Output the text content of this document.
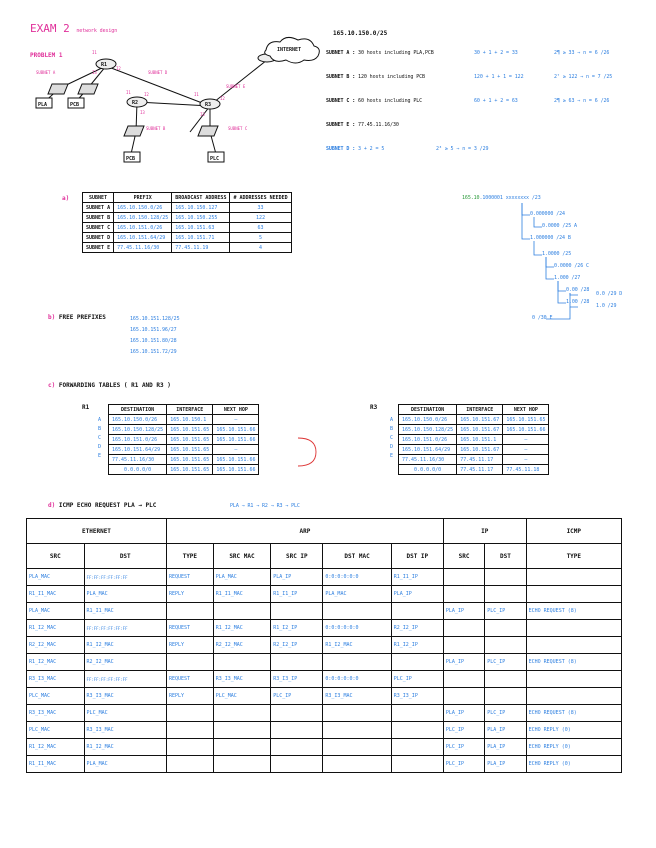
EXAM 2 network design
PROBLEM 1
R1
R2	R3
INTERNET
PLA	PCB
PCB	PLC
SUBNET A	SUBNET D
SUBNET E
SUBNET B	SUBNET C
I1
I2
I3
I1	I2
I3
I1
I2
I3
165.10.150.0/25
SUBNET A : 30 hosts including PLA,PCB	30 + 1 + 2 = 33	2¶ ≥ 33 ⇒ n = 6 /26
SUBNET B : 120 hosts including PCB	120 + 1 + 1 = 122	2⁷ ≥ 122 ⇒ n = 7 /25
SUBNET C : 60 hosts including PLC	60 + 1 + 2 = 63	2¶ ≥ 63 ⇒ n = 6 /26
SUBNET E : 77.45.11.16/30
SUBNET D : 3 + 2 = 5	2³ ≥ 5 ⇒ n = 3 /29
a)	SUBNET	PREFIX	BROADCAST ADDRESS	# ADDRESSES NEEDED
SUBNET A	165.10.150.0/26	165.10.150.127	33
SUBNET B	165.10.150.128/25	165.10.150.255	122
SUBNET C	165.10.151.0/26	165.10.151.63	63
SUBNET D	165.10.151.64/29	165.10.151.71	5
SUBNET E	77.45.11.16/30	77.45.11.19	4
165.10.1000001 xxxxxxxx /23
0.000000 /24
1.000000 /24 B
0.0000 /25 A
1.0000 /25
0.0000 /26 C
1.000 /27
0.00 /28
1.00 /28
0.0 /29 D
1.0 /29
0 /30 E
b) FREE PREFIXES	165.10.151.128/25
165.10.151.96/27
165.10.151.80/28
165.10.151.72/29
c) FORWARDING TABLES ( R1 AND R3 )
R1
A
B
C
D
E
DESTINATION	INTERFACE	NEXT HOP
165.10.150.0/26	165.10.150.1	—
165.10.150.128/25	165.10.151.65	165.10.151.66
165.10.151.0/26	165.10.151.65	165.10.151.66
165.10.151.64/29	165.10.151.65	—
77.45.11.16/30	165.10.151.65	165.10.151.66
0.0.0.0/0	165.10.151.65	165.10.151.66
R3
A
B
C
D
E
DESTINATION	INTERFACE	NEXT HOP
165.10.150.0/26	165.10.151.67	165.10.151.65
165.10.150.128/25	165.10.151.67	165.10.151.66
165.10.151.0/26	165.10.151.1	—
165.10.151.64/29	165.10.151.67	—
77.45.11.16/30	77.45.11.17	—
0.0.0.0/0	77.45.11.17	77.45.11.18
d) ICMP ECHO REQUEST PLA → PLC	PLA → R1 → R2 → R3 → PLC
ETHERNET		ARP					IP		ICMP
SRC	DST	TYPE	SRC MAC	SRC IP	DST MAC	DST IP	SRC	DST	TYPE
PLA_MAC	FF:FF:FF:FF:FF:FF	REQUEST	PLA_MAC	PLA_IP	0:0:0:0:0:0	R1_I1_IP			
R1_I1_MAC	PLA_MAC	REPLY	R1_I1_MAC	R1_I1_IP	PLA_MAC	PLA_IP			
PLA_MAC	R1_I1_MAC						PLA_IP	PLC_IP	ECHO REQUEST (8)
R1_I2_MAC	FF:FF:FF:FF:FF:FF	REQUEST	R1_I2_MAC	R1_I2_IP	0:0:0:0:0:0	R2_I2_IP			
R2_I2_MAC	R1_I2_MAC	REPLY	R2_I2_MAC	R2_I2_IP	R1_I2_MAC	R1_I2_IP			
R1_I2_MAC	R2_I2_MAC						PLA_IP	PLC_IP	ECHO REQUEST (8)
R3_I3_MAC	FF:FF:FF:FF:FF:FF	REQUEST	R3_I3_MAC	R3_I3_IP	0:0:0:0:0:0	PLC_IP			
PLC_MAC	R3_I3_MAC	REPLY	PLC_MAC	PLC_IP	R3_I3_MAC	R3_I3_IP			
R3_I3_MAC	PLC_MAC						PLA_IP	PLC_IP	ECHO REQUEST (8)
PLC_MAC	R3_I3_MAC						PLC_IP	PLA_IP	ECHO REPLY (0)
R1_I2_MAC	R1_I2_MAC						PLC_IP	PLA_IP	ECHO REPLY (0)
R1_I1_MAC	PLA_MAC						PLC_IP	PLA_IP	ECHO REPLY (0)
